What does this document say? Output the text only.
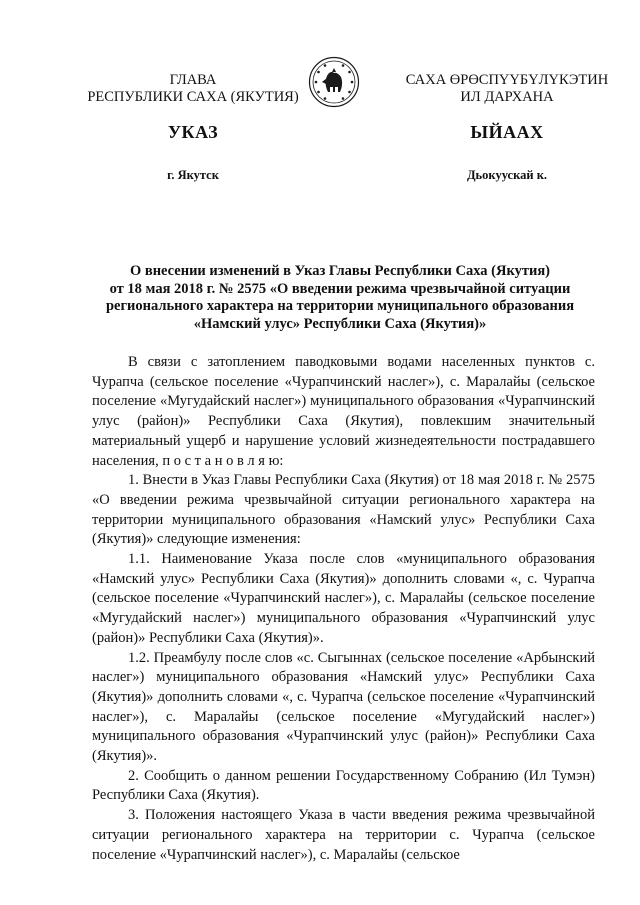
ГЛАВА
РЕСПУБЛИКИ САХА (ЯКУТИЯ)
САХА ӨРӨСПҮҮБҮЛҮКЭТИН
ИЛ ДАРХАНА
УКАЗ	ЫЙААХ
г. Якутск	Дьокуускай к.
О внесении изменений в Указ Главы Республики Саха (Якутия)
от 18 мая 2018 г. № 2575 «О введении режима чрезвычайной ситуации
регионального характера на территории муниципального образования
«Намский улус» Республики Саха (Якутия)»

В связи с затоплением паводковыми водами населенных пунктов с. Чурапча (сельское поселение «Чурапчинский наслег»), с. Маралайы (сельское поселение «Мугудайский наслег») муниципального образования «Чурапчинский улус (район)» Республики Саха (Якутия), повлекшим значительный материальный ущерб и нарушение условий жизнедеятельности пострадавшего населения, п о с т а н о в л я ю:

1. Внести в Указ Главы Республики Саха (Якутия) от 18 мая 2018 г. № 2575 «О введении режима чрезвычайной ситуации регионального характера на территории муниципального образования «Намский улус» Республики Саха (Якутия)» следующие изменения:

1.1. Наименование Указа после слов «муниципального образования «Намский улус» Республики Саха (Якутия)» дополнить словами «, с. Чурапча (сельское поселение «Чурапчинский наслег»), с. Маралайы (сельское поселение «Мугудайский наслег») муниципального образования «Чурапчинский улус (район)» Республики Саха (Якутия)».

1.2. Преамбулу после слов «с. Сыгыннах (сельское поселение «Арбынский наслег») муниципального образования «Намский улус» Республики Саха (Якутия)» дополнить словами «, с. Чурапча (сельское поселение «Чурапчинский наслег»), с. Маралайы (сельское поселение «Мугудайский наслег») муниципального образования «Чурапчинский улус (район)» Республики Саха (Якутия)».

2. Сообщить о данном решении Государственному Собранию (Ил Тумэн) Республики Саха (Якутия).

3. Положения настоящего Указа в части введения режима чрезвычайной ситуации регионального характера на территории с. Чурапча (сельское поселение «Чурапчинский наслег»), с. Маралайы (сельское
